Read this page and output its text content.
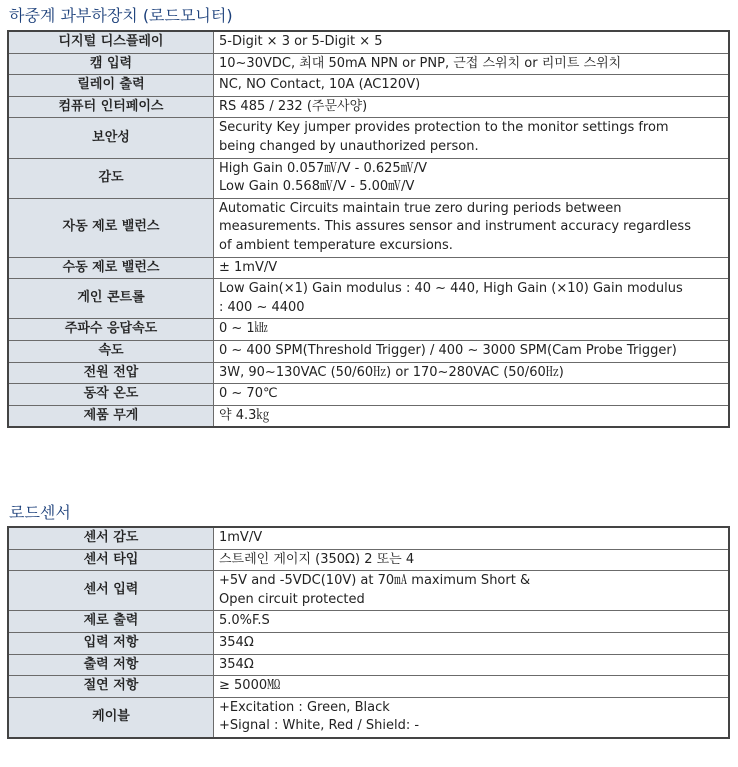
하중계 과부하장치 (로드모니터)
디지털 디스플레이	5-Digit × 3 or 5-Digit × 5
캠 입력	10~30VDC, 최대 50mA NPN or PNP, 근접 스위치 or 리미트 스위치
릴레이 출력	NC, NO Contact, 10A (AC120V)
컴퓨터 인터페이스	RS 485 / 232 (주문사양)
보안성	Security Key jumper provides protection to the monitor settings from
being changed by unauthorized person.
감도	High Gain 0.057㎷/V - 0.625㎷/V
Low Gain 0.568㎷/V - 5.00㎷/V
자동 제로 밸런스	Automatic Circuits maintain true zero during periods between
measurements. This assures sensor and instrument accuracy regardless
of ambient temperature excursions.
수동 제로 밸런스	± 1mV/V
게인 콘트롤	Low Gain(×1) Gain modulus : 40 ~ 440, High Gain (×10) Gain modulus
: 400 ~ 4400
주파수 응답속도	0 ~ 1㎑
속도	0 ~ 400 SPM(Threshold Trigger) / 400 ~ 3000 SPM(Cam Probe Trigger)
전원 전압	3W, 90~130VAC (50/60㎐) or 170~280VAC (50/60㎐)
동작 온도	0 ~ 70℃
제품 무게	약 4.3㎏
로드센서
센서 감도	1mV/V
센서 타입	스트레인 게이지 (350Ω) 2 또는 4
센서 입력	+5V and -5VDC(10V) at 70㎃ maximum Short &
Open circuit protected
제로 출력	5.0%F.S
입력 저항	354Ω
출력 저항	354Ω
절연 저항	≥ 5000㏁
케이블	+Excitation : Green, Black
+Signal : White, Red / Shield: -
